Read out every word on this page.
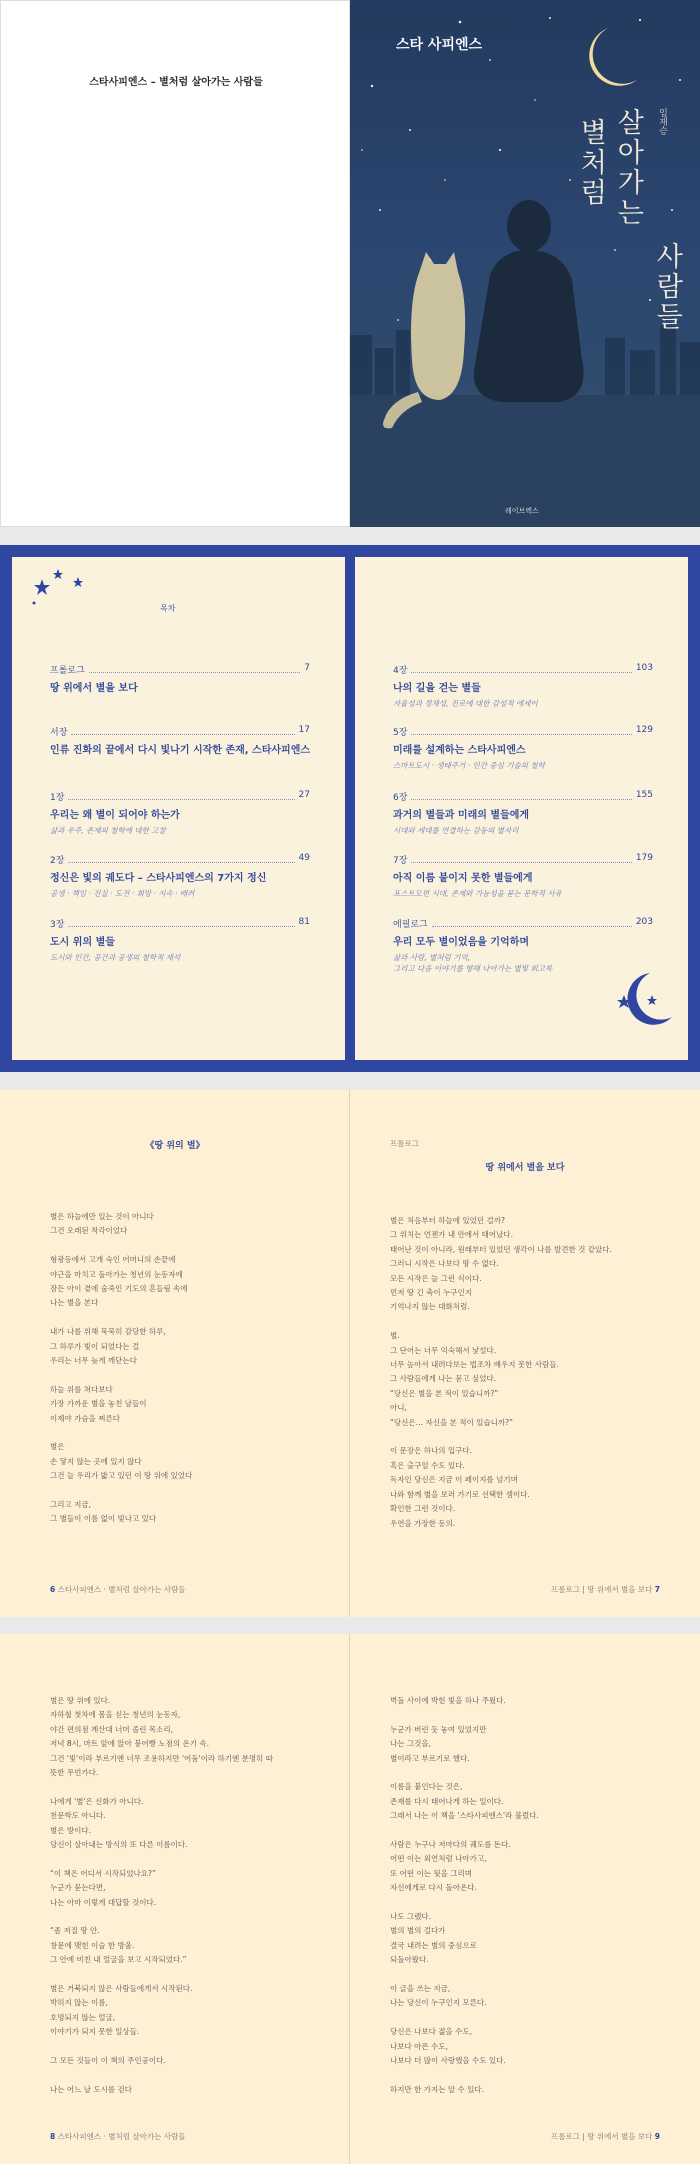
스타사피엔스 – 별처럼 살아가는 사람들
스타 사피엔스
살아가는
별처럼
사람들
임재승
레이브렉스
목차
《땅 위의 별》
별은 하늘에만 있는 것이 아니다
그건 오래된 착각이었다
형광등에서 고개 숙인 어머니의 손끝에
야근을 마치고 돌아가는 청년의 눈동자에
잠든 아이 곁에 숨죽인 기도의 흔들림 속에
나는 별을 본다
내가 나를 위해 묵묵히 감당한 하루,
그 하루가 빛이 되었다는 걸
우리는 너무 늦게 깨닫는다
하늘 위를 쳐다보다
가장 가까운 별을 놓친 날들이
이제야 가슴을 찌른다
별은
손 닿지 않는 곳에 있지 않다
그건 늘 우리가 밟고 있던 이 땅 위에 있었다
그리고 지금,
그 별들이 이름 없이 빛나고 있다
6 스타사피엔스 · 별처럼 살아가는 사람들
프롤로그
땅 위에서 별을 보다
별은 처음부터 하늘에 있었던 걸까?
그 위치는 언젠가 내 안에서 태어났다.
태어난 것이 아니라, 원래부터 있었던 생각이 나를 발견한 것 같았다.
그러니 시작은 나보다 땅 수 없다.
모든 시작은 늘 그런 식이다.
먼저 땅 긴 축이 누구인지
기억나지 않는 대화처럼.
별.
그 단어는 너무 익숙해서 낯설다.
너무 높아서 내려다보는 법조차 배우지 못한 사람들.
그 사람들에게 나는 묻고 싶었다.
“당신은 별을 본 적이 있습니까?”
아니,
“당신은… 자신을 본 적이 있습니까?”
이 문장은 하나의 입구다.
혹은 출구일 수도 있다.
독자인 당신은 지금 이 페이지를 넘기며
나와 함께 별을 보러 가기로 선택한 셈이다.
확인한 그런 것이다.
우연을 가장한 동의.
프롤로그 | 땅 위에서 별을 보다 7
별은 땅 위에 있다.
자하철 첫차에 몸을 싣는 청년의 눈동자,
야간 편의점 계산대 너머 졸린 목소리,
저녁 8시, 마트 앞에 앉아 붕어빵 노점의 온기 속.
그건 '빛'이라 부르기엔 너무 조용하지만 '어둠'이라 하기엔 분명히 따
뜻한 무언가다.
나에게 '별'은 신화가 아니다.
천문학도 아니다.
별은 방이다.
당신이 살아내는 방식의 또 다른 이름이다.
“이 책은 어디서 시작되었나요?”
누군가 묻는다면,
나는 아마 이렇게 대답할 것이다.
“좀 저질 땅 안.
창문에 맺힌 이슬 한 방울.
그 안에 비친 내 얼굴을 보고 시작되었다.”
별은 거북되지 않은 사람들에게서 시작된다.
박히지 않는 이름,
호명되지 않는 얼굴,
이야기가 되지 못한 일상들.
그 모든 것들이 이 책의 주인공이다.
나는 어느 날 도시를 걷다
8 스타사피엔스 · 별처럼 살아가는 사람들
벽돌 사이에 박힌 빛을 하나 주웠다.
누군가 버린 듯 놓여 있었지만
나는 그것을,
별이라고 부르기로 했다.
이름을 붙인다는 것은,
존재를 다시 태어나게 하는 일이다.
그래서 나는 이 책을 '스타사피엔스'라 불렀다.
사람은 누구나 저마다의 궤도를 돈다.
어떤 이는 외연처럼 나아가고,
또 어떤 이는 뒷을 그리며
자신에게로 다시 돌아온다.
나도 그랬다.
별의 별의 걸다가
결국 내려는 별의 중심으로
되돌아왔다.
이 글을 쓰는 지금,
나는 당신이 누구인지 모른다.
당신은 나보다 젊을 수도,
나보다 아픈 수도,
나보다 더 많이 사랑했을 수도 있다.
하지만 한 가지는 알 수 있다.
프롤로그 | 땅 위에서 별을 보다 9
프롤로그	7
땅 위에서 별을 보다
서장	17
인류 진화의 끝에서 다시 빛나기 시작한 존재, 스타사피엔스
1장	27
우리는 왜 별이 되어야 하는가
삶과 우주, 존재의 철학에 대한 고찰
2장	49
정신은 빛의 궤도다 – 스타사피엔스의 7가지 정신
공생 · 책임 · 진실 · 도전 · 희망 · 지속 · 배려
3장	81
도시 위의 별들
도시와 인간, 공간과 공생의 철학적 재석
4장	103
나의 길을 걷는 별들
자율성과 정체성, 진로에 대한 감성적 에세이
5장	129
미래를 설계하는 스타사피엔스
스마트도시 · 생태주거 · 인간 중심 기술의 철학
6장	155
과거의 별들과 미래의 별들에게
시대와 세대를 연결하는 감동의 별자리
7장	179
아직 이름 붙이지 못한 별들에게
포스트모먼 시대, 존재와 가능성을 묻는 문학적 사유
에필로그	203
우리 모두 별이었음을 기억하며
삶과 사람, 별처럼 기억,
그리고 다음 이야기를 향해 나아가는 별빛 회고록
